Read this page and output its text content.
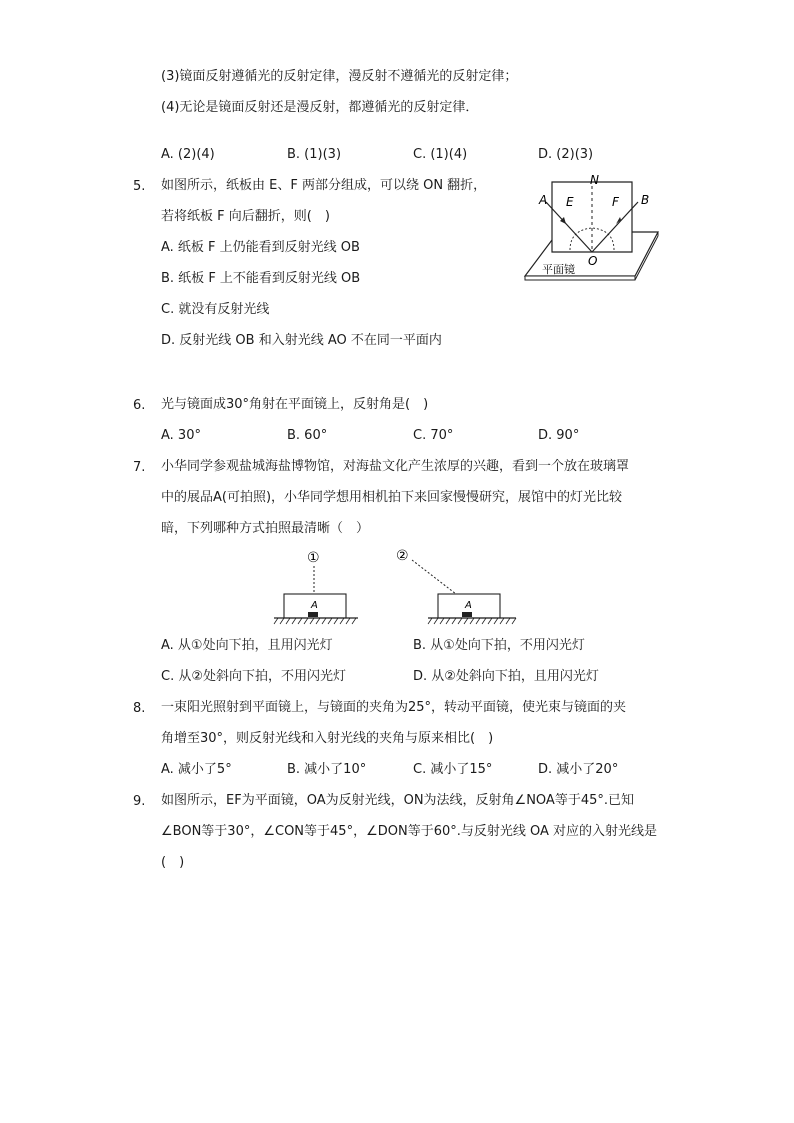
(3)镜面反射遵循光的反射定律，漫反射不遵循光的反射定律；
(4)无论是镜面反射还是漫反射，都遵循光的反射定律．
A. (2)(4)	B. (1)(3)	C. (1)(4)	D. (2)(3)
5. 如图所示，纸板由 E、F 两部分组成，可以绕 ON 翻折，
若将纸板 F 向后翻折，则(　)
A. 纸板 F 上仍能看到反射光线 OB
B. 纸板 F 上不能看到反射光线 OB
C. 就没有反射光线
D. 反射光线 OB 和入射光线 AO 不在同一平面内
A E
N
F B
O
平面镜
6. 光与镜面成30°角射在平面镜上，反射角是(　)
A. 30°	B. 60°	C. 70°	D. 90°
7. 小华同学参观盐城海盐博物馆，对海盐文化产生浓厚的兴趣，看到一个放在玻璃罩
中的展品A(可拍照)，小华同学想用相机拍下来回家慢慢研究，展馆中的灯光比较
暗，下列哪种方式拍照最清晰（　）
①
A
②
A
A. 从①处向下拍，且用闪光灯	B. 从①处向下拍，不用闪光灯
C. 从②处斜向下拍，不用闪光灯	D. 从②处斜向下拍，且用闪光灯
8. 一束阳光照射到平面镜上，与镜面的夹角为25°，转动平面镜，使光束与镜面的夹
角增至30°，则反射光线和入射光线的夹角与原来相比(　)
A. 减小了5°	B. 减小了10°	C. 减小了15°	D. 减小了20°
9. 如图所示，EF为平面镜，OA为反射光线，ON为法线，反射角∠NOA等于45°.已知
∠BON等于30°，∠CON等于45°，∠DON等于60°.与反射光线 OA 对应的入射光线是
(　)
